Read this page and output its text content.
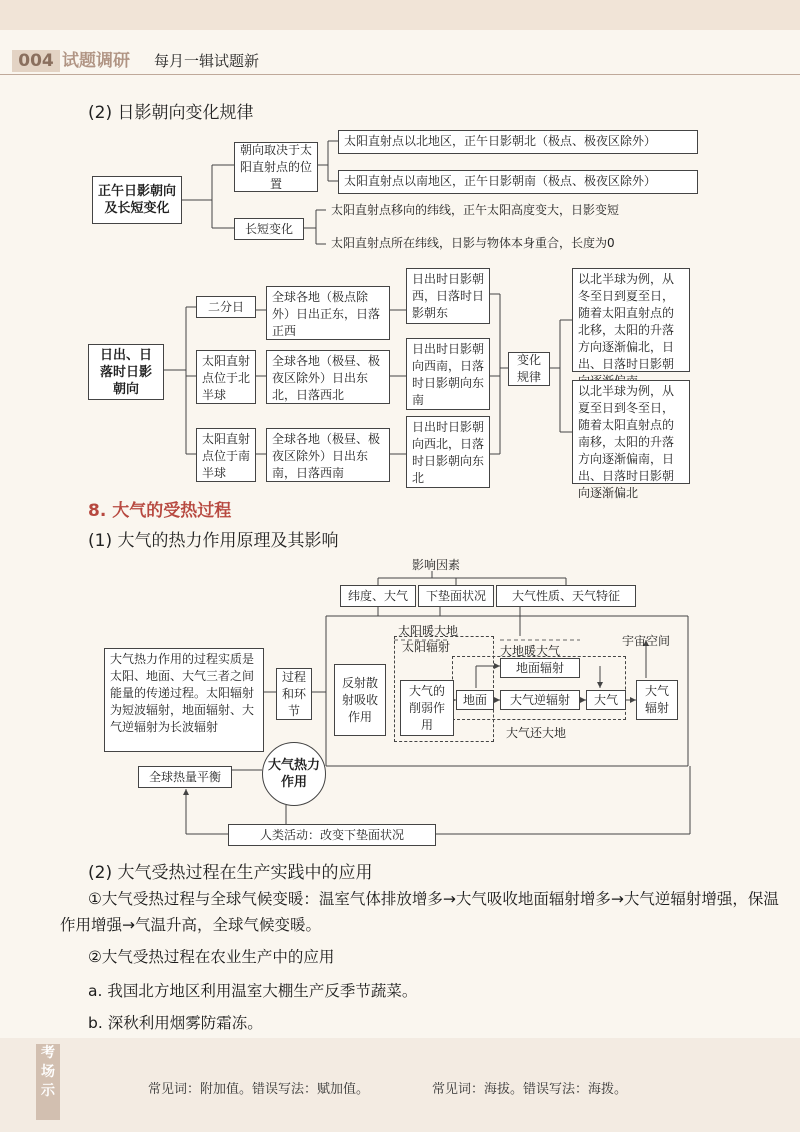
004 试题调研	每月一辑试题新
(2) 日影朝向变化规律
正午日影朝向及长短变化
朝向取决于太阳直射点的位置
太阳直射点以北地区，正午日影朝北（极点、极夜区除外）
太阳直射点以南地区，正午日影朝南（极点、极夜区除外）
长短变化
太阳直射点移向的纬线，正午太阳高度变大，日影变短
太阳直射点所在纬线，日影与物体本身重合，长度为0
日出、日落时日影朝向
二分日
太阳直射点位于北半球
太阳直射点位于南半球
全球各地（极点除外）日出正东，日落正西
全球各地（极昼、极夜区除外）日出东北，日落西北
全球各地（极昼、极夜区除外）日出东南，日落西南
日出时日影朝西，日落时日影朝东
日出时日影朝向西南，日落时日影朝向东南
日出时日影朝向西北，日落时日影朝向东北
变化规律
以北半球为例，从冬至日到夏至日，随着太阳直射点的北移，太阳的升落方向逐渐偏北，日出、日落时日影朝
以北半球为例，从夏至日到冬至日，随着太阳直射点的南移，太阳的升落方向逐渐偏南，日出、日落时日影朝向逐渐偏北
8. 大气的受热过程
(1) 大气的热力作用原理及其影响
影响因素
纬度、大气	下垫面状况	大气性质、天气特征
太阳暖大地
太阳辐射	大地暖大气
宇宙空间
地面辐射
大气的削弱作用
地面	大气逆辐射	大气
大气辐射
大气还大地
过程和环节
反射散射吸收作用
大气热力作用的过程实质是太阳、地面、大气三者之间能量的传递过程。太阳辐射为短波辐射，地面辐射、大气逆辐射为长波辐射
大气热力作用
全球热量平衡
人类活动：改变下垫面状况
(2) 大气受热过程在生产实践中的应用
①大气受热过程与全球气候变暖：温室气体排放增多→大气吸收地面辐射增多→大气逆辐射增强，保温作用增强→气温升高，全球气候变暖。
②大气受热过程在农业生产中的应用
a. 我国北方地区利用温室大棚生产反季节蔬菜。
b. 深秋利用烟雾防霜冻。
考场示	常见词：附加值。错误写法：赋加值。	常见词：海拔。错误写法：海拨。
